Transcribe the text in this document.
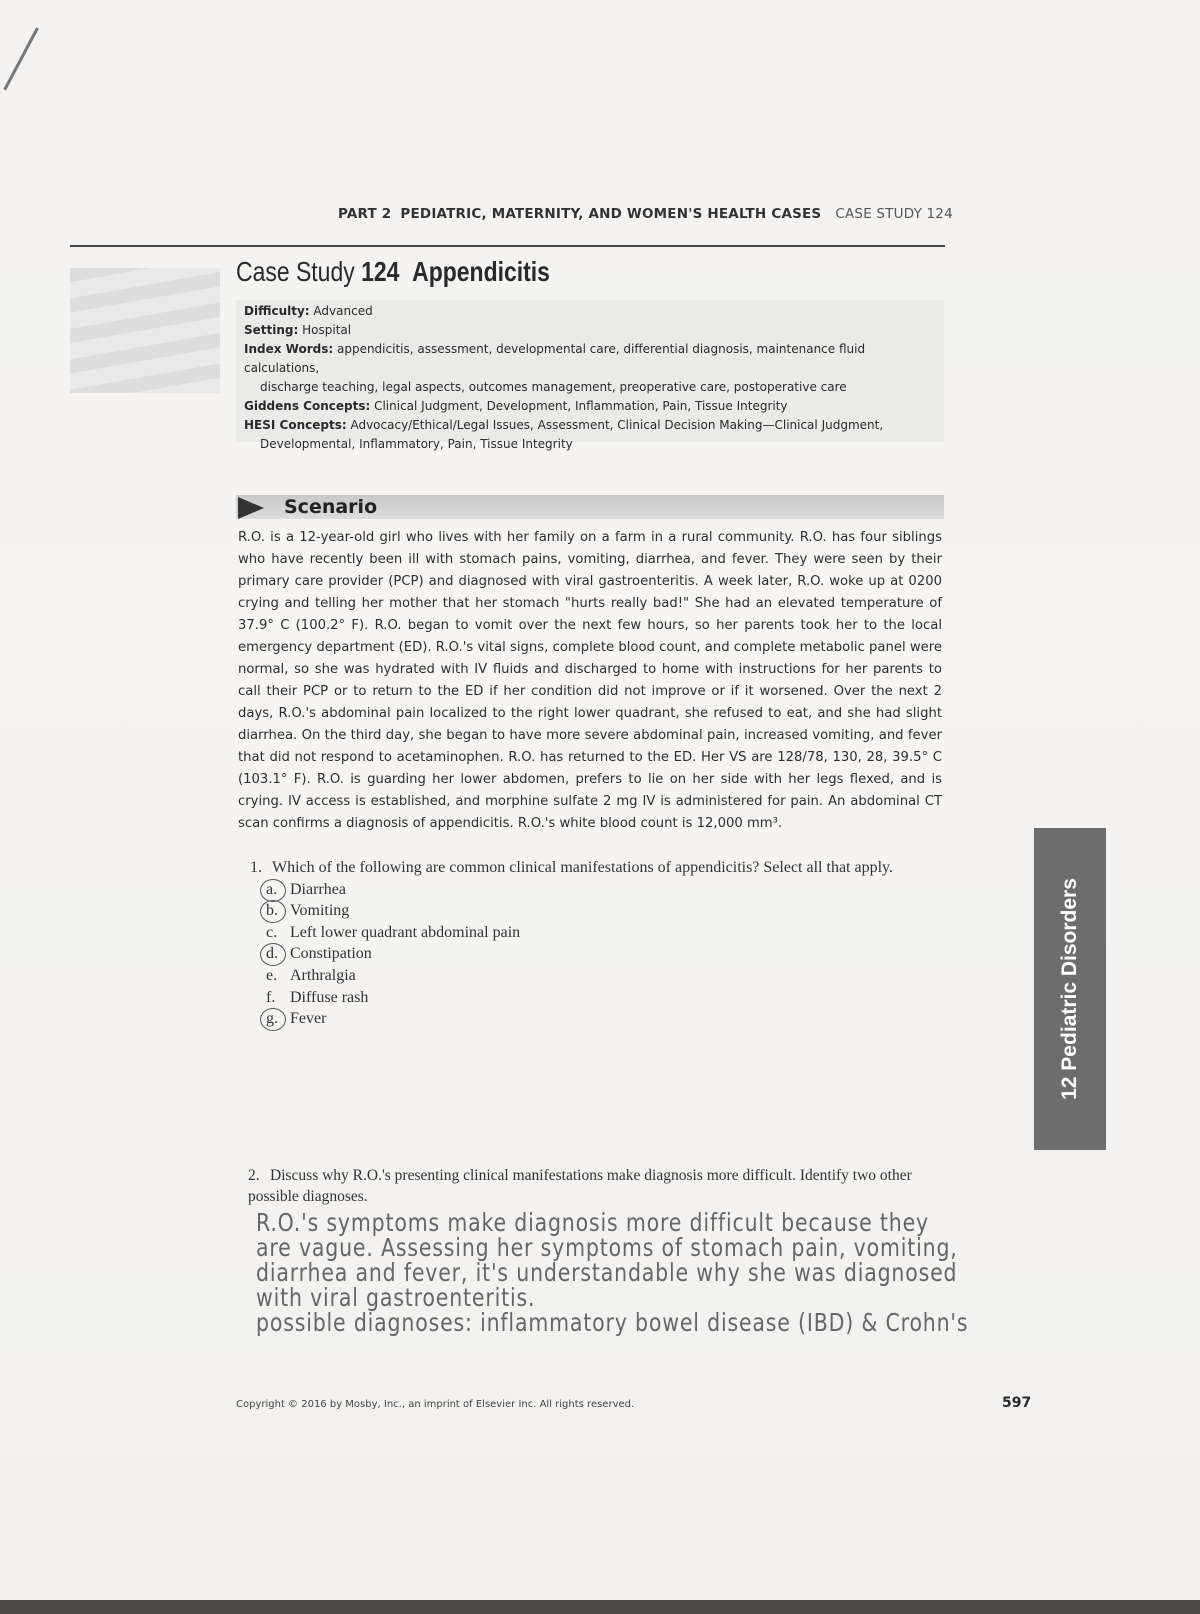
PART 2 PEDIATRIC, MATERNITY, AND WOMEN'S HEALTH CASES CASE STUDY 124
Case Study 124 Appendicitis
Difficulty: Advanced
Setting: Hospital
Index Words: appendicitis, assessment, developmental care, differential diagnosis, maintenance fluid calculations,
discharge teaching, legal aspects, outcomes management, preoperative care, postoperative care
Giddens Concepts: Clinical Judgment, Development, Inflammation, Pain, Tissue Integrity
HESI Concepts: Advocacy/Ethical/Legal Issues, Assessment, Clinical Decision Making—Clinical Judgment,
Developmental, Inflammatory, Pain, Tissue Integrity
Scenario
R.O. is a 12-year-old girl who lives with her family on a farm in a rural community. R.O. has four siblings who have recently been ill with stomach pains, vomiting, diarrhea, and fever. They were seen by their primary care provider (PCP) and diagnosed with viral gastroenteritis. A week later, R.O. woke up at 0200 crying and telling her mother that her stomach "hurts really bad!" She had an elevated temperature of 37.9° C (100.2° F). R.O. began to vomit over the next few hours, so her parents took her to the local emergency department (ED). R.O.'s vital signs, complete blood count, and complete metabolic panel were normal, so she was hydrated with IV fluids and discharged to home with instructions for her parents to call their PCP or to return to the ED if her condition did not improve or if it worsened. Over the next 2 days, R.O.'s abdominal pain localized to the right lower quadrant, she refused to eat, and she had slight diarrhea. On the third day, she began to have more severe abdominal pain, increased vomiting, and fever that did not respond to acetaminophen. R.O. has returned to the ED. Her VS are 128/78, 130, 28, 39.5° C (103.1° F). R.O. is guarding her lower abdomen, prefers to lie on her side with her legs flexed, and is crying. IV access is established, and morphine sulfate 2 mg IV is administered for pain. An abdominal CT scan confirms a diagnosis of appendicitis. R.O.'s white blood count is 12,000 mm³.
1. Which of the following are common clinical manifestations of appendicitis? Select all that apply.
a. Diarrhea
b. Vomiting
c. Left lower quadrant abdominal pain
d. Constipation
e. Arthralgia
f. Diffuse rash
g. Fever
2. Discuss why R.O.'s presenting clinical manifestations make diagnosis more difficult. Identify two other possible diagnoses.
R.O.'s symptoms make diagnosis more difficult because they
are vague. Assessing her symptoms of stomach pain, vomiting,
diarrhea and fever, it's understandable why she was diagnosed
with viral gastroenteritis.
possible diagnoses: inflammatory bowel disease (IBD) & Crohn's
12 Pediatric Disorders
Copyright © 2016 by Mosby, Inc., an imprint of Elsevier Inc. All rights reserved.	597
